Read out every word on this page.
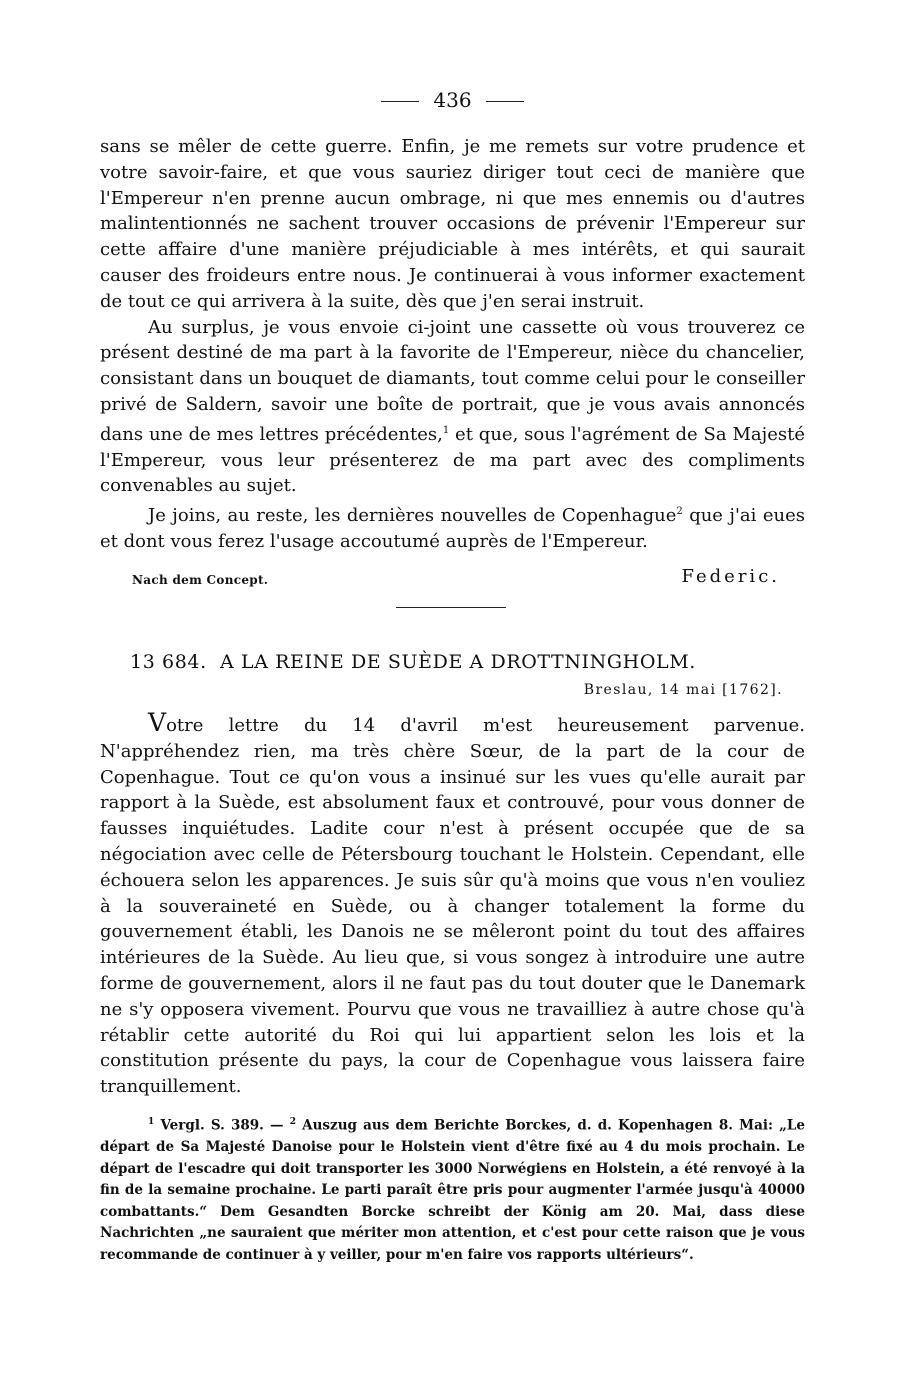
436

sans se mêler de cette guerre. Enfin, je me remets sur votre prudence et votre savoir-faire, et que vous sauriez diriger tout ceci de manière que l'Empereur n'en prenne aucun ombrage, ni que mes ennemis ou d'autres malintentionnés ne sachent trouver occasions de prévenir l'Empereur sur cette affaire d'une manière préjudiciable à mes intérêts, et qui saurait causer des froideurs entre nous. Je continuerai à vous informer exactement de tout ce qui arrivera à la suite, dès que j'en serai instruit.

Au surplus, je vous envoie ci-joint une cassette où vous trouverez ce présent destiné de ma part à la favorite de l'Empereur, nièce du chancelier, consistant dans un bouquet de diamants, tout comme celui pour le conseiller privé de Saldern, savoir une boîte de portrait, que je vous avais annoncés dans une de mes lettres précédentes,$^1$ et que, sous l'agrément de Sa Majesté l'Empereur, vous leur présenterez de ma part avec des compliments convenables au sujet.

Je joins, au reste, les dernières nouvelles de Copenhague$^2$ que j'ai eues et dont vous ferez l'usage accoutumé auprès de l'Empereur.

Nach dem Concept.	Federic.
13 684. A LA REINE DE SUÈDE A DROTTNINGHOLM.
Breslau, 14 mai [1762].

Votre lettre du 14 d'avril m'est heureusement parvenue. N'appréhendez rien, ma très chère Sœur, de la part de la cour de Copenhague. Tout ce qu'on vous a insinué sur les vues qu'elle aurait par rapport à la Suède, est absolument faux et controuvé, pour vous donner de fausses inquiétudes. Ladite cour n'est à présent occupée que de sa négociation avec celle de Pétersbourg touchant le Holstein. Cependant, elle échouera selon les apparences. Je suis sûr qu'à moins que vous n'en vouliez à la souveraineté en Suède, ou à changer totalement la forme du gouvernement établi, les Danois ne se mêleront point du tout des affaires intérieures de la Suède. Au lieu que, si vous songez à introduire une autre forme de gouvernement, alors il ne faut pas du tout douter que le Danemark ne s'y opposera vivement. Pourvu que vous ne travailliez à autre chose qu'à rétablir cette autorité du Roi qui lui appartient selon les lois et la constitution présente du pays, la cour de Copenhague vous laissera faire tranquillement.

$^1$ Vergl. S. 389. — $^2$ Auszug aus dem Berichte Borckes, d. d. Kopenhagen 8. Mai: „Le départ de Sa Majesté Danoise pour le Holstein vient d'être fixé au 4 du mois prochain. Le départ de l'escadre qui doit transporter les 3000 Norwégiens en Holstein, a été renvoyé à la fin de la semaine prochaine. Le parti paraît être pris pour augmenter l'armée jusqu'à 40000 combattants.“ Dem Gesandten Borcke schreibt der König am 20. Mai, dass diese Nachrichten „ne sauraient que mériter mon attention, et c'est pour cette raison que je vous recommande de continuer à y veiller, pour m'en faire vos rapports ultérieurs“.
